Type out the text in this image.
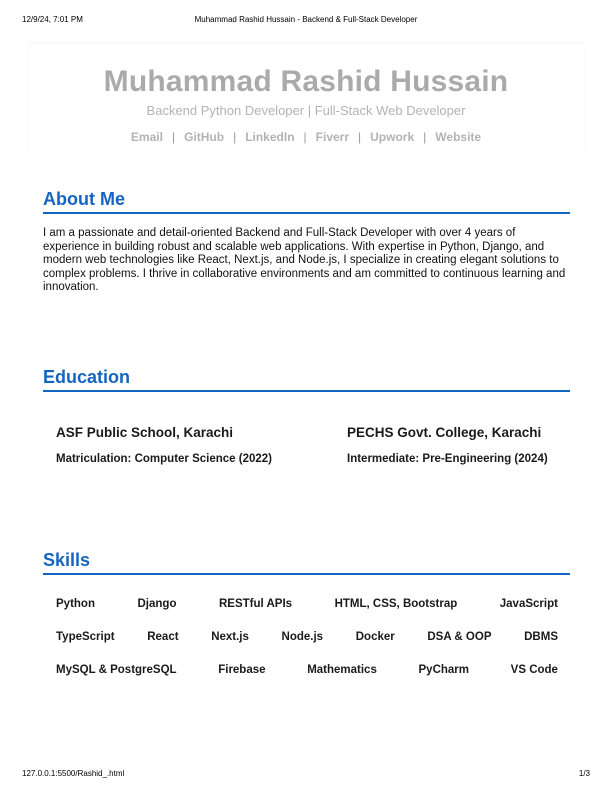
12/9/24, 7:01 PM	Muhammad Rashid Hussain - Backend & Full-Stack Developer
Muhammad Rashid Hussain
Backend Python Developer | Full-Stack Web Developer
Email | GitHub | LinkedIn | Fiverr | Upwork | Website
About Me
I am a passionate and detail-oriented Backend and Full-Stack Developer with over 4 years of experience in building robust and scalable web applications. With expertise in Python, Django, and modern web technologies like React, Next.js, and Node.js, I specialize in creating elegant solutions to complex problems. I thrive in collaborative environments and am committed to continuous learning and innovation.
Education
ASF Public School, Karachi
Matriculation: Computer Science (2022)
PECHS Govt. College, Karachi
Intermediate: Pre-Engineering (2024)
Skills
Python	Django	RESTful APIs	HTML, CSS, Bootstrap	JavaScript
TypeScript	React	Next.js	Node.js	Docker	DSA & OOP	DBMS
MySQL & PostgreSQL	Firebase	Mathematics	PyCharm	VS Code
127.0.0.1:5500/Rashid_.html	1/3
